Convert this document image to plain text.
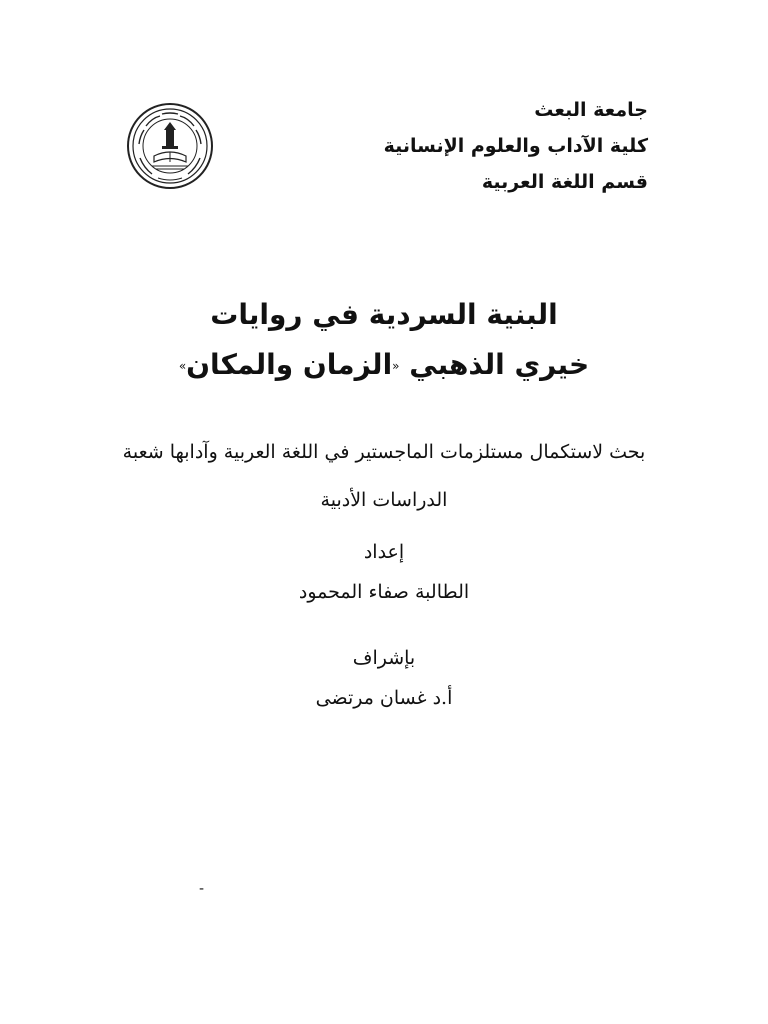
جامعة البعث
كلية الآداب والعلوم الإنسانية
قسم اللغة العربية
البنية السردية في روايات
خيري الذهبي «الزمان والمكان»
بحث لاستكمال مستلزمات الماجستير في اللغة العربية وآدابها شعبة
الدراسات الأدبية
إعداد
الطالبة صفاء المحمود
بإشراف
أ.د غسان مرتضى
-
